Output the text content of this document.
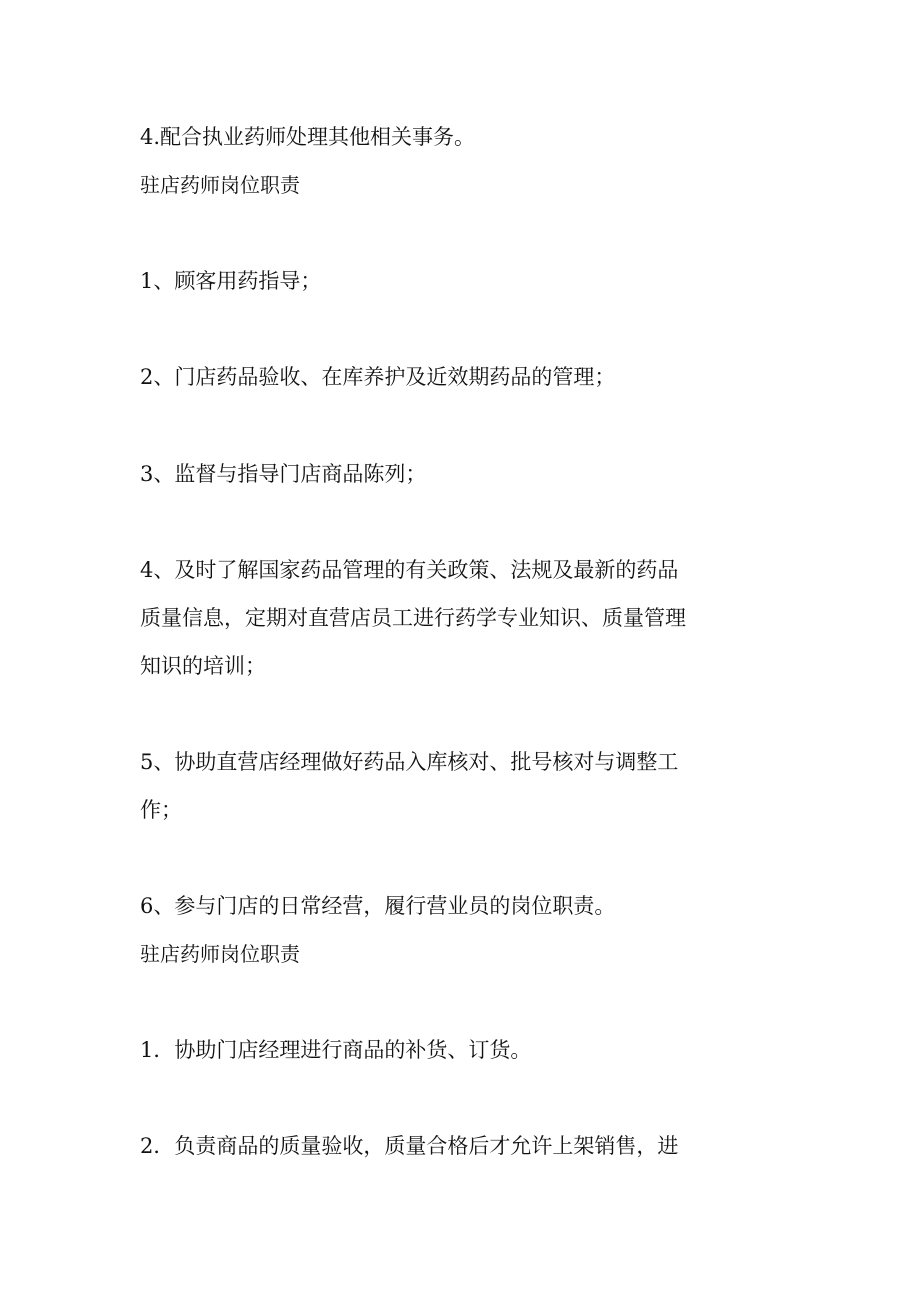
4.配合执业药师处理其他相关事务。

驻店药师岗位职责

1、顾客用药指导；

2、门店药品验收、在库养护及近效期药品的管理；

3、监督与指导门店商品陈列；

4、及时了解国家药品管理的有关政策、法规及最新的药品

质量信息，定期对直营店员工进行药学专业知识、质量管理

知识的培训；

5、协助直营店经理做好药品入库核对、批号核对与调整工

作；

6、参与门店的日常经营，履行营业员的岗位职责。

驻店药师岗位职责

1．协助门店经理进行商品的补货、订货。

2．负责商品的质量验收，质量合格后才允许上架销售，进
